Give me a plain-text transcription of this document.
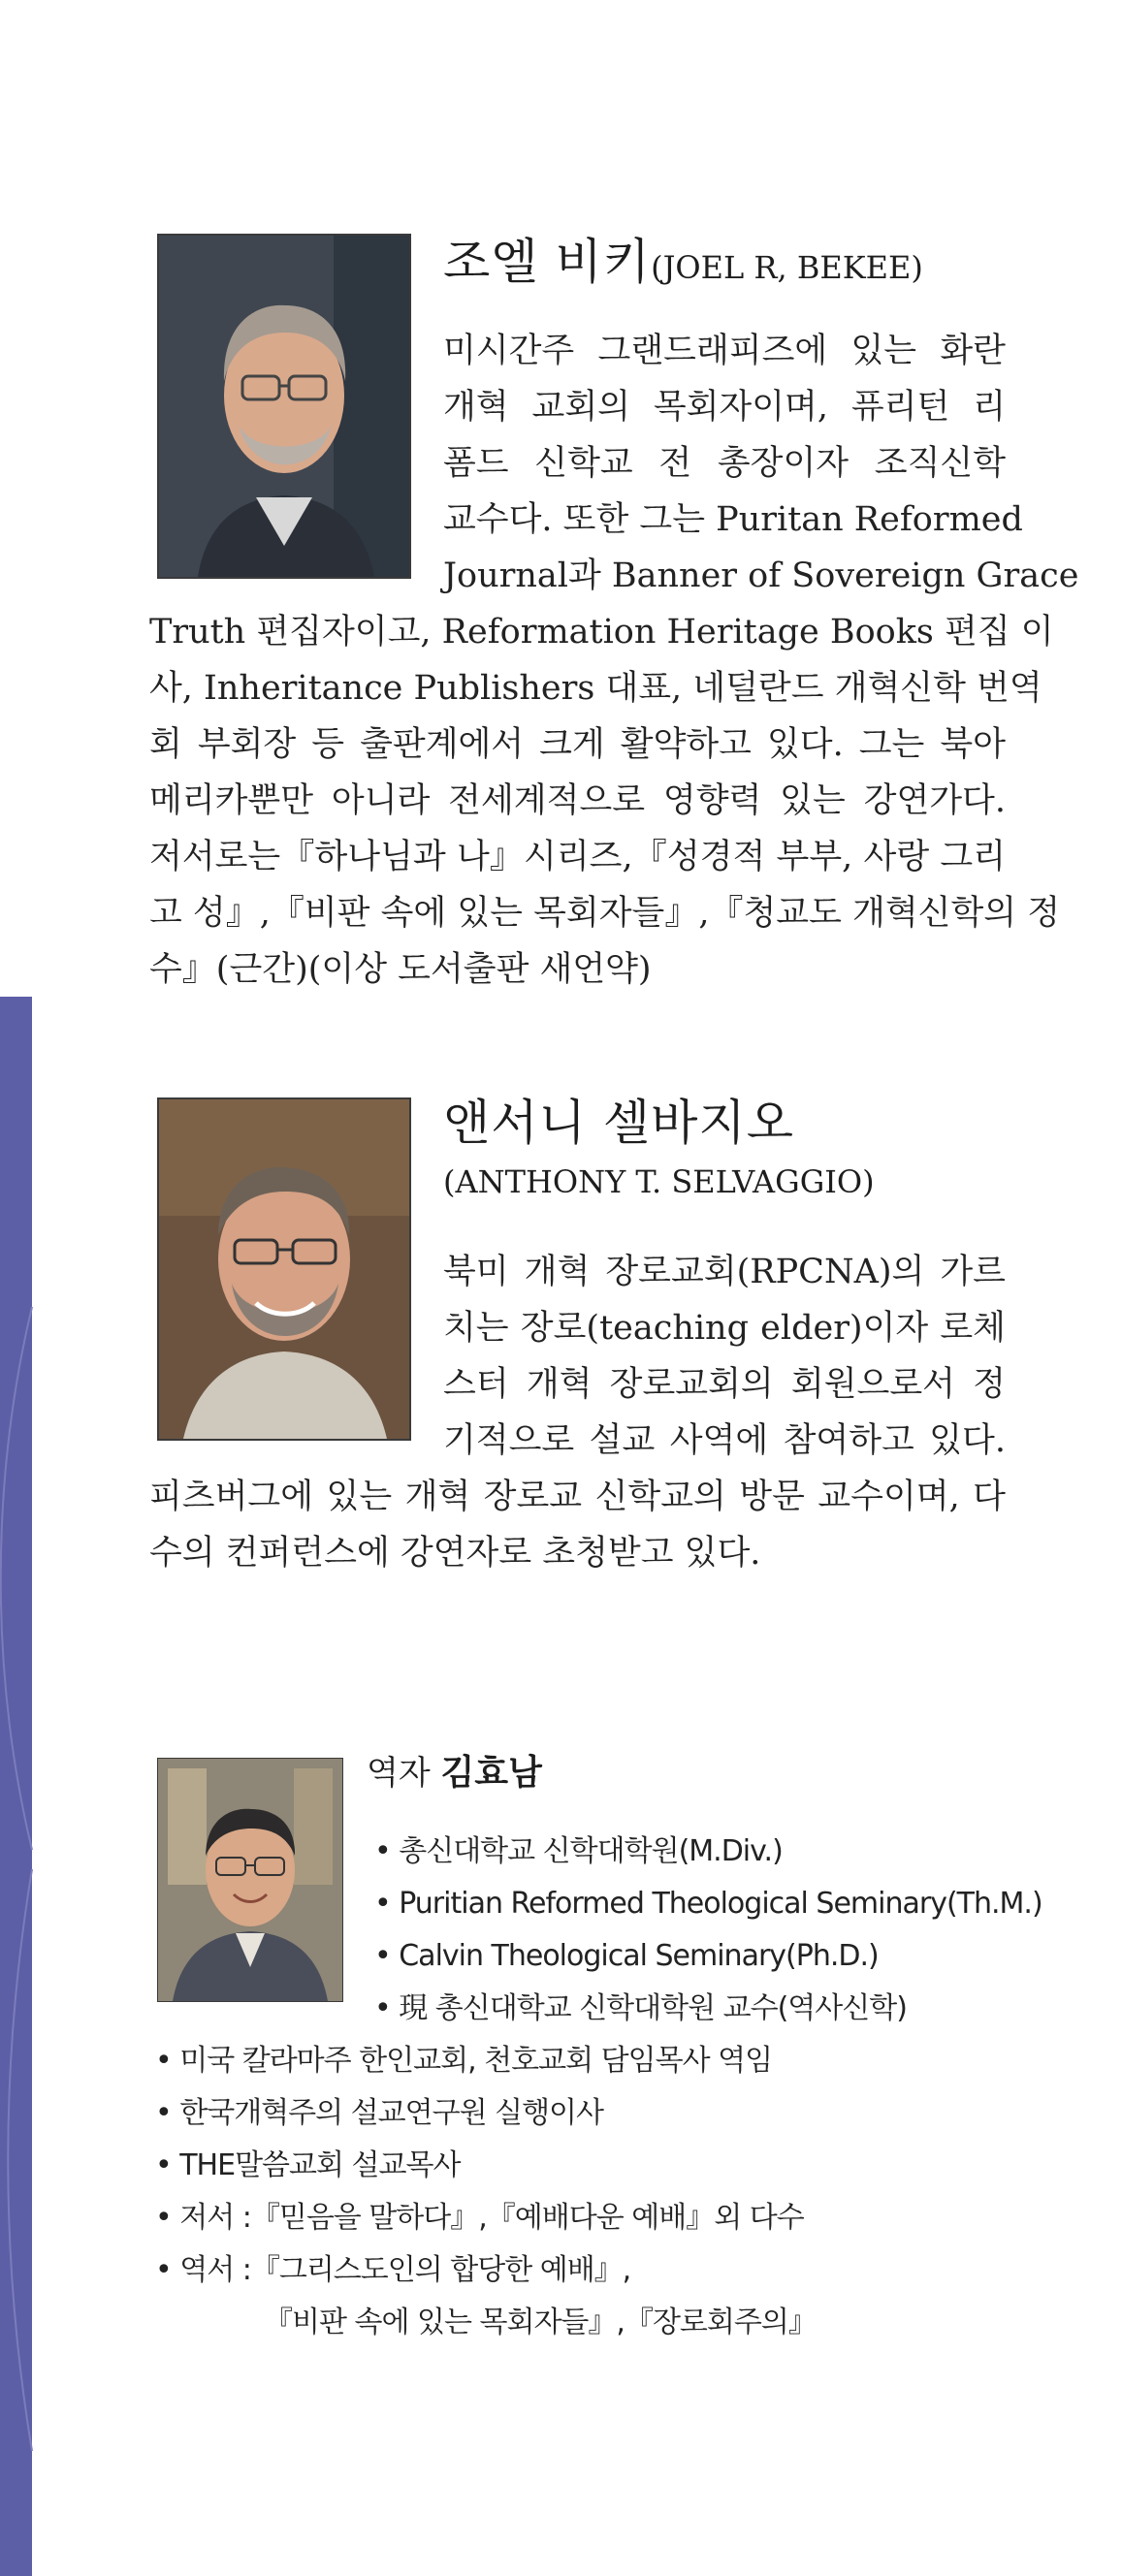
조엘 비키(JOEL R, BEKEE)
미시간주 그랜드래피즈에 있는 화란
개혁 교회의 목회자이며, 퓨리턴 리
폼드 신학교 전 총장이자 조직신학
교수다. 또한 그는 Puritan Reformed
Journal과 Banner of Sovereign Grace
Truth 편집자이고, Reformation Heritage Books 편집 이
사, Inheritance Publishers 대표, 네덜란드 개혁신학 번역
회 부회장 등 출판계에서 크게 활약하고 있다. 그는 북아
메리카뿐만 아니라 전세계적으로 영향력 있는 강연가다.
저서로는『하나님과 나』시리즈,『성경적 부부, 사랑 그리
고 성』,『비판 속에 있는 목회자들』,『청교도 개혁신학의 정
수』(근간)(이상 도서출판 새언약)
앤서니 셀바지오
(ANTHONY T. SELVAGGIO)
북미 개혁 장로교회(RPCNA)의 가르
치는 장로(teaching elder)이자 로체
스터 개혁 장로교회의 회원으로서 정
기적으로 설교 사역에 참여하고 있다.
피츠버그에 있는 개혁 장로교 신학교의 방문 교수이며, 다
수의 컨퍼런스에 강연자로 초청받고 있다.
역자 김효남
• 총신대학교 신학대학원(M.Div.)
• Puritian Reformed Theological Seminary(Th.M.)
• Calvin Theological Seminary(Ph.D.)
• 現 총신대학교 신학대학원 교수(역사신학)
• 미국 칼라마주 한인교회, 천호교회 담임목사 역임
• 한국개혁주의 설교연구원 실행이사
• THE말씀교회 설교목사
• 저서 :『믿음을 말하다』,『예배다운 예배』외 다수
• 역서 :『그리스도인의 합당한 예배』,
『비판 속에 있는 목회자들』,『장로회주의』
